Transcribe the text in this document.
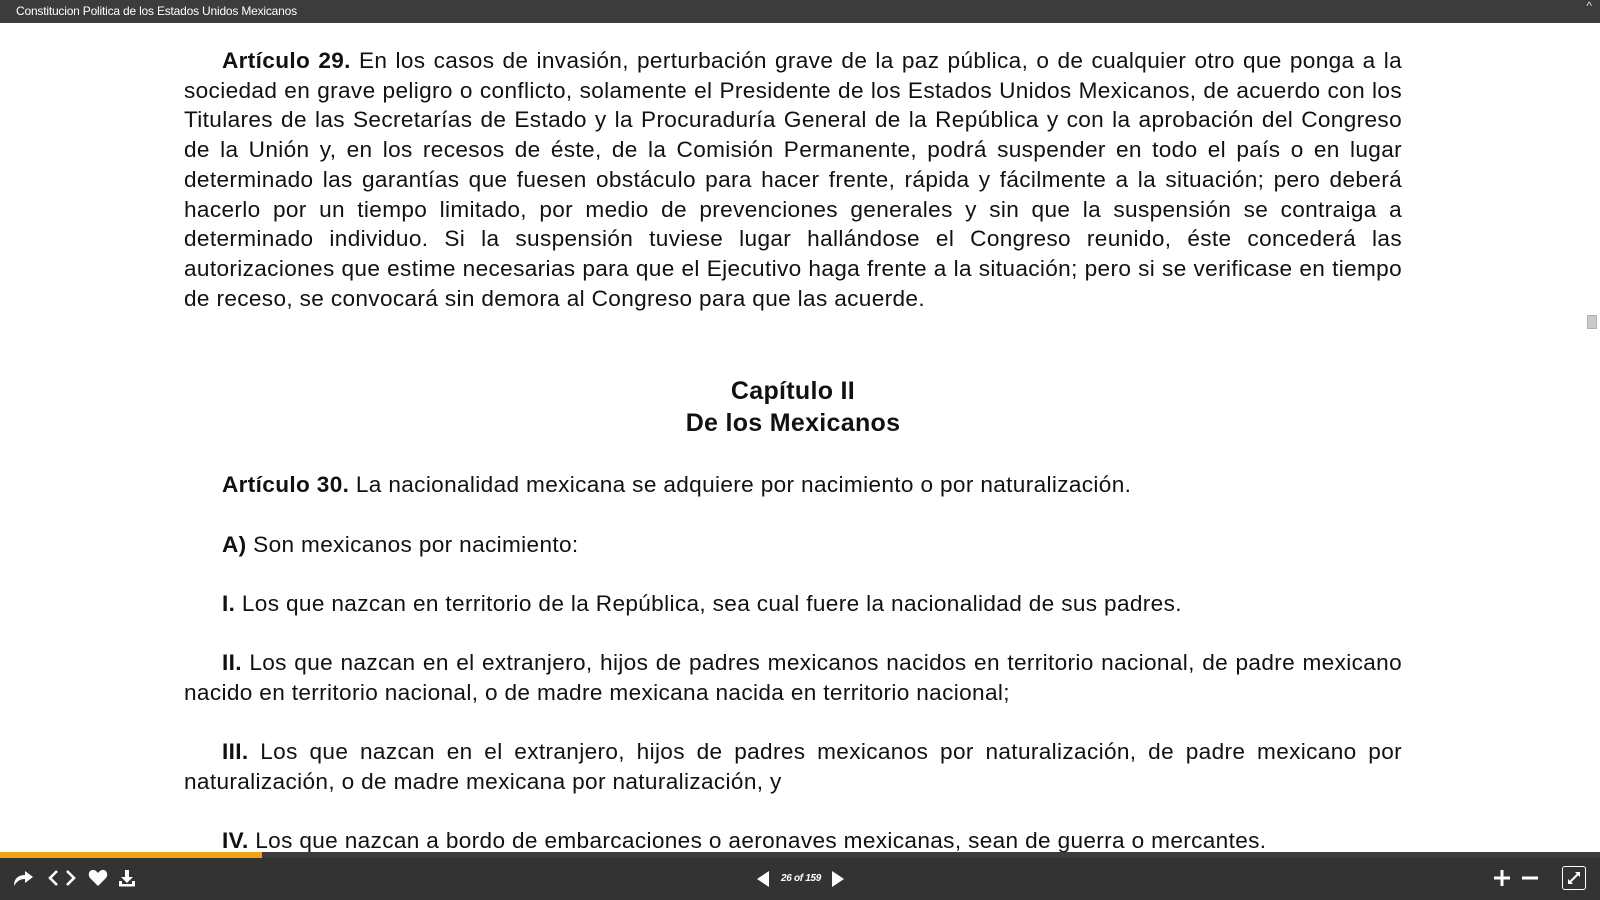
Artículo 29. En los casos de invasión, perturbación grave de la paz pública, o de cualquier otro que ponga a la sociedad en grave peligro o conflicto, solamente el Presidente de los Estados Unidos Mexicanos, de acuerdo con los Titulares de las Secretarías de Estado y la Procuraduría General de la República y con la aprobación del Congreso de la Unión y, en los recesos de éste, de la Comisión Permanente, podrá suspender en todo el país o en lugar determinado las garantías que fuesen obstáculo para hacer frente, rápida y fácilmente a la situación; pero deberá hacerlo por un tiempo limitado, por medio de prevenciones generales y sin que la suspensión se contraiga a determinado individuo. Si la suspensión tuviese lugar hallándose el Congreso reunido, éste concederá las autorizaciones que estime necesarias para que el Ejecutivo haga frente a la situación; pero si se verificase en tiempo de receso, se convocará sin demora al Congreso para que las acuerde.

Capítulo II
De los Mexicanos

Artículo 30. La nacionalidad mexicana se adquiere por nacimiento o por naturalización.

A) Son mexicanos por nacimiento:

I. Los que nazcan en territorio de la República, sea cual fuere la nacionalidad de sus padres.

II. Los que nazcan en el extranjero, hijos de padres mexicanos nacidos en territorio nacional, de padre mexicano nacido en territorio nacional, o de madre mexicana nacida en territorio nacional;

III. Los que nazcan en el extranjero, hijos de padres mexicanos por naturalización, de padre mexicano por naturalización, o de madre mexicana por naturalización, y

IV. Los que nazcan a bordo de embarcaciones o aeronaves mexicanas, sean de guerra o mercantes.

Constitucion Politica de los Estados Unidos Mexicanos	^
26 of 159
